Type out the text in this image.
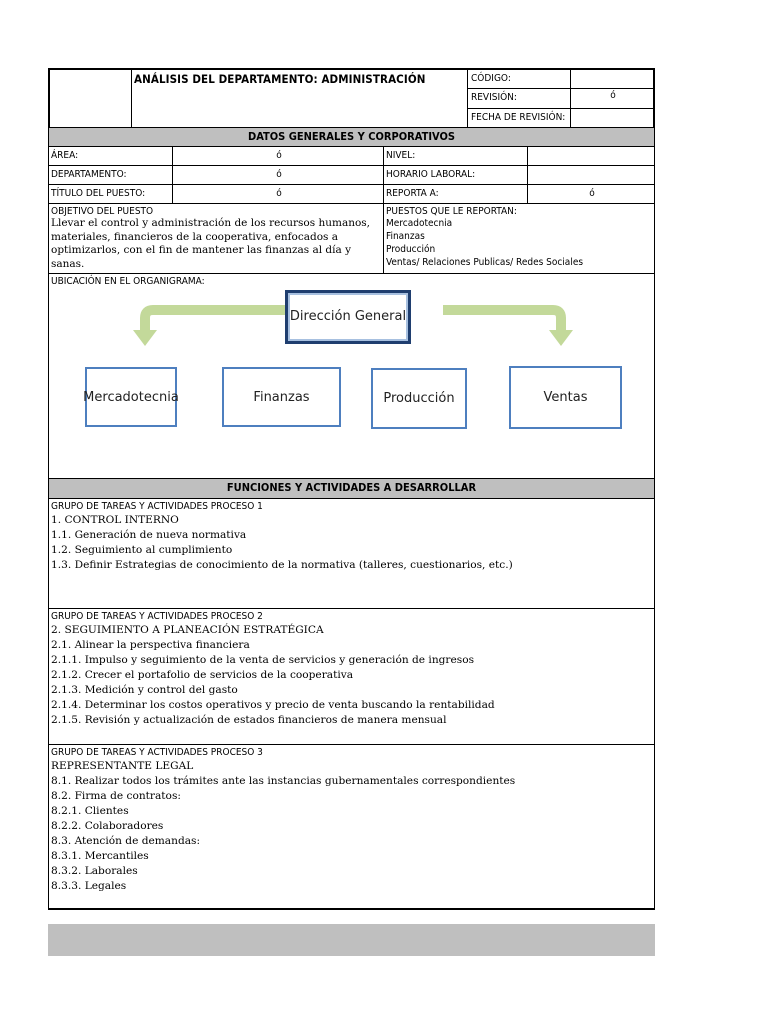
ANÁLISIS DEL DEPARTAMENTO: ADMINISTRACIÓN	CÓDIGO:
REVISIÓN:	ó
FECHA DE REVISIÓN:
DATOS GENERALES Y CORPORATIVOS
ÁREA:	ó	NIVEL:
DEPARTAMENTO:	ó	HORARIO LABORAL:
TÍTULO DEL PUESTO:	ó	REPORTA A:	ó
OBJETIVO DEL PUESTO
Llevar el control y administración de los recursos humanos, materiales, financieros de la cooperativa, enfocados a optimizarlos, con el fin de mantener las finanzas al día y sanas.
PUESTOS QUE LE REPORTAN:
Mercadotecnia
Finanzas
Producción
Ventas/ Relaciones Publicas/ Redes Sociales
UBICACIÓN EN EL ORGANIGRAMA:
Dirección General
Mercadotecnia	Finanzas	Producción	Ventas
FUNCIONES Y ACTIVIDADES A DESARROLLAR
GRUPO DE TAREAS Y ACTIVIDADES PROCESO 1
1. CONTROL INTERNO
1.1. Generación de nueva normativa
1.2. Seguimiento al cumplimiento
1.3. Definir Estrategias de conocimiento de la normativa (talleres, cuestionarios, etc.)
GRUPO DE TAREAS Y ACTIVIDADES PROCESO 2
2. SEGUIMIENTO A PLANEACIÓN ESTRATÉGICA
2.1. Alinear la perspectiva financiera
2.1.1. Impulso y seguimiento de la venta de servicios y generación de ingresos
2.1.2. Crecer el portafolio de servicios de la cooperativa
2.1.3. Medición y control del gasto
2.1.4. Determinar los costos operativos y precio de venta buscando la rentabilidad
2.1.5. Revisión y actualización de estados financieros de manera mensual
GRUPO DE TAREAS Y ACTIVIDADES PROCESO 3
REPRESENTANTE LEGAL
8.1. Realizar todos los trámites ante las instancias gubernamentales correspondientes
8.2. Firma de contratos:
8.2.1. Clientes
8.2.2. Colaboradores
8.3. Atención de demandas:
8.3.1. Mercantiles
8.3.2. Laborales
8.3.3. Legales
